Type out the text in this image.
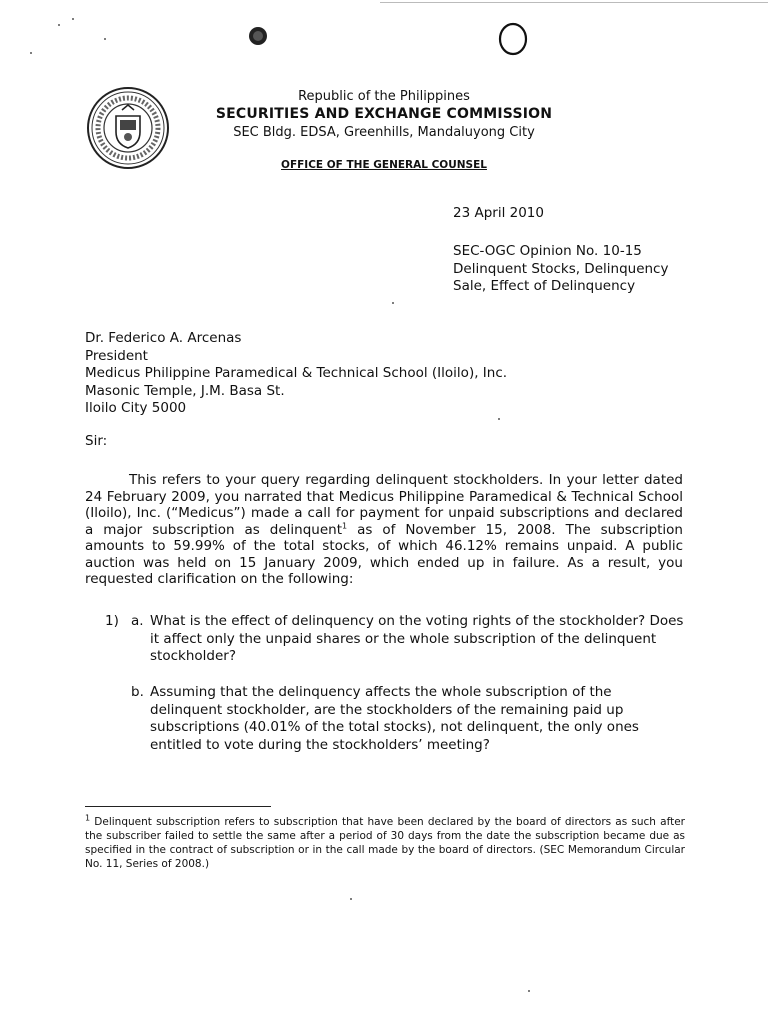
Republic of the Philippines
SECURITIES AND EXCHANGE COMMISSION
SEC Bldg. EDSA, Greenhills, Mandaluyong City
OFFICE OF THE GENERAL COUNSEL
23 April 2010
SEC-OGC Opinion No. 10-15
Delinquent Stocks, Delinquency
Sale, Effect of Delinquency
Dr. Federico A. Arcenas
President
Medicus Philippine Paramedical & Technical School (Iloilo), Inc.
Masonic Temple, J.M. Basa St.
Iloilo City 5000
Sir:
This refers to your query regarding delinquent stockholders. In your letter dated 24 February 2009, you narrated that Medicus Philippine Paramedical & Technical School (Iloilo), Inc. (“Medicus”) made a call for payment for unpaid subscriptions and declared a major subscription as delinquent$^1$ as of November 15, 2008. The subscription amounts to 59.99% of the total stocks, of which 46.12% remains unpaid. A public auction was held on 15 January 2009, which ended up in failure. As a result, you requested clarification on the following:
1) a. What is the effect of delinquency on the voting rights of the stockholder? Does it affect only the unpaid shares or the whole subscription of the delinquent stockholder?
b. Assuming that the delinquency affects the whole subscription of the delinquent stockholder, are the stockholders of the remaining paid up subscriptions (40.01% of the total stocks), not delinquent, the only ones entitled to vote during the stockholders’ meeting?
$^1$ Delinquent subscription refers to subscription that have been declared by the board of directors as such after the subscriber failed to settle the same after a period of 30 days from the date the subscription became due as specified in the contract of subscription or in the call made by the board of directors. (SEC Memorandum Circular No. 11, Series of 2008.)
